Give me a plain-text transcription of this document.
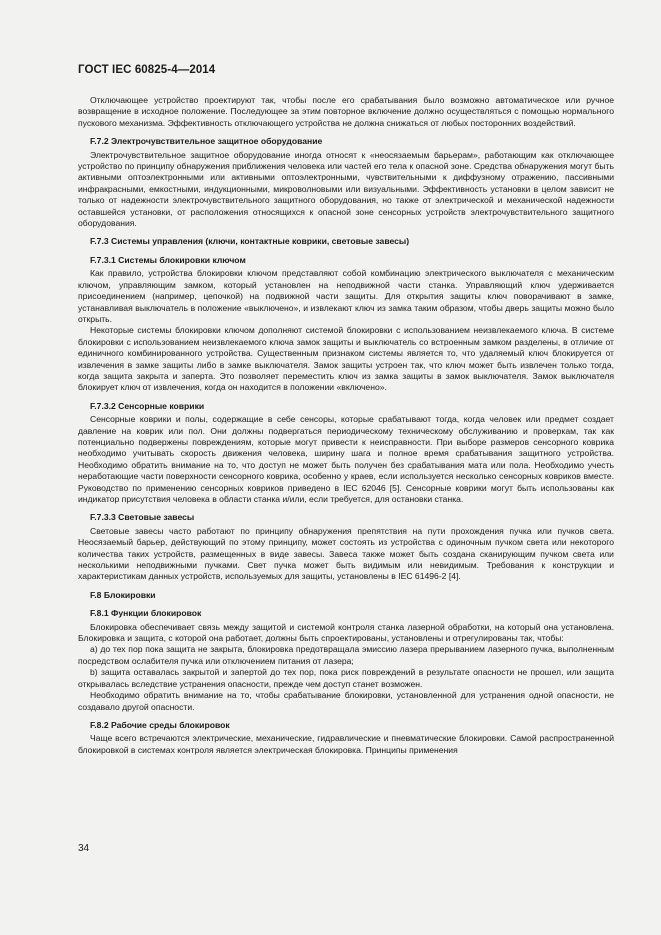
ГОСТ IEC 60825-4—2014

Отключающее устройство проектируют так, чтобы после его срабатывания было возможно автоматическое или ручное возвращение в исходное положение. Последующее за этим повторное включение должно осуществляться с помощью нормального пускового механизма. Эффективность отключающего устройства не должна снижаться от любых посторонних воздействий.

F.7.2 Электрочувствительное защитное оборудование

Электрочувствительное защитное оборудование иногда относят к «неосязаемым барьерам», работающим как отключающее устройство по принципу обнаружения приближения человека или частей его тела к опасной зоне. Средства обнаружения могут быть активными оптоэлектронными или активными оптоэлектронными, чувствительными к диффузному отражению, пассивными инфракрасными, емкостными, индукционными, микроволновыми или визуальными. Эффективность установки в целом зависит не только от надежности электрочувствительного защитного оборудования, но также от электрической и механической надежности оставшейся установки, от расположения относящихся к опасной зоне сенсорных устройств электрочувствительного защитного оборудования.

F.7.3 Системы управления (ключи, контактные коврики, световые завесы)
F.7.3.1 Системы блокировки ключом

Как правило, устройства блокировки ключом представляют собой комбинацию электрического выключателя с механическим ключом, управляющим замком, который установлен на неподвижной части станка. Управляющий ключ удерживается присоединением (например, цепочкой) на подвижной части защиты. Для открытия защиты ключ поворачивают в замке, устанавливая выключатель в положение «выключено», и извлекают ключ из замка таким образом, чтобы дверь защиты можно было открыть.

Некоторые системы блокировки ключом дополняют системой блокировки с использованием неизвлекаемого ключа. В системе блокировки с использованием неизвлекаемого ключа замок защиты и выключатель со встроенным замком разделены, в отличие от единичного комбинированного устройства. Существенным признаком системы является то, что удаляемый ключ блокируется от извлечения в замке защиты либо в замке выключателя. Замок защиты устроен так, что ключ может быть извлечен только тогда, когда защита закрыта и заперта. Это позволяет переместить ключ из замка защиты в замок выключателя. Замок выключателя блокирует ключ от извлечения, когда он находится в положении «включено».

F.7.3.2 Сенсорные коврики

Сенсорные коврики и полы, содержащие в себе сенсоры, которые срабатывают тогда, когда человек или предмет создает давление на коврик или пол. Они должны подвергаться периодическому техническому обслуживанию и проверкам, так как потенциально подвержены повреждениям, которые могут привести к неисправности. При выборе размеров сенсорного коврика необходимо учитывать скорость движения человека, ширину шага и полное время срабатывания защитного устройства. Необходимо обратить внимание на то, что доступ не может быть получен без срабатывания мата или пола. Необходимо учесть неработающие части поверхности сенсорного коврика, особенно у краев, если используется несколько сенсорных ковриков вместе. Руководство по применению сенсорных ковриков приведено в IEC 62046 [5]. Сенсорные коврики могут быть использованы как индикатор присутствия человека в области станка и/или, если требуется, для остановки станка.

F.7.3.3 Световые завесы

Световые завесы часто работают по принципу обнаружения препятствия на пути прохождения пучка или пучков света. Неосязаемый барьер, действующий по этому принципу, может состоять из устройства с одиночным пучком света или некоторого количества таких устройств, размещенных в виде завесы. Завеса также может быть создана сканирующим пучком света или несколькими неподвижными пучками. Свет пучка может быть видимым или невидимым. Требования к конструкции и характеристикам данных устройств, используемых для защиты, установлены в IEC 61496-2 [4].

F.8 Блокировки
F.8.1 Функции блокировок

Блокировка обеспечивает связь между защитой и системой контроля станка лазерной обработки, на который она установлена. Блокировка и защита, с которой она работает, должны быть спроектированы, установлены и отрегулированы так, чтобы:

а) до тех пор пока защита не закрыта, блокировка предотвращала эмиссию лазера прерыванием лазерного пучка, выполненным посредством ослабителя пучка или отключением питания от лазера;

b) защита оставалась закрытой и запертой до тех пор, пока риск повреждений в результате опасности не прошел, или защита открывалась вследствие устранения опасности, прежде чем доступ станет возможен.

Необходимо обратить внимание на то, чтобы срабатывание блокировки, установленной для устранения одной опасности, не создавало другой опасности.

F.8.2 Рабочие среды блокировок

Чаще всего встречаются электрические, механические, гидравлические и пневматические блокировки. Самой распространенной блокировкой в системах контроля является электрическая блокировка. Принципы применения

34
